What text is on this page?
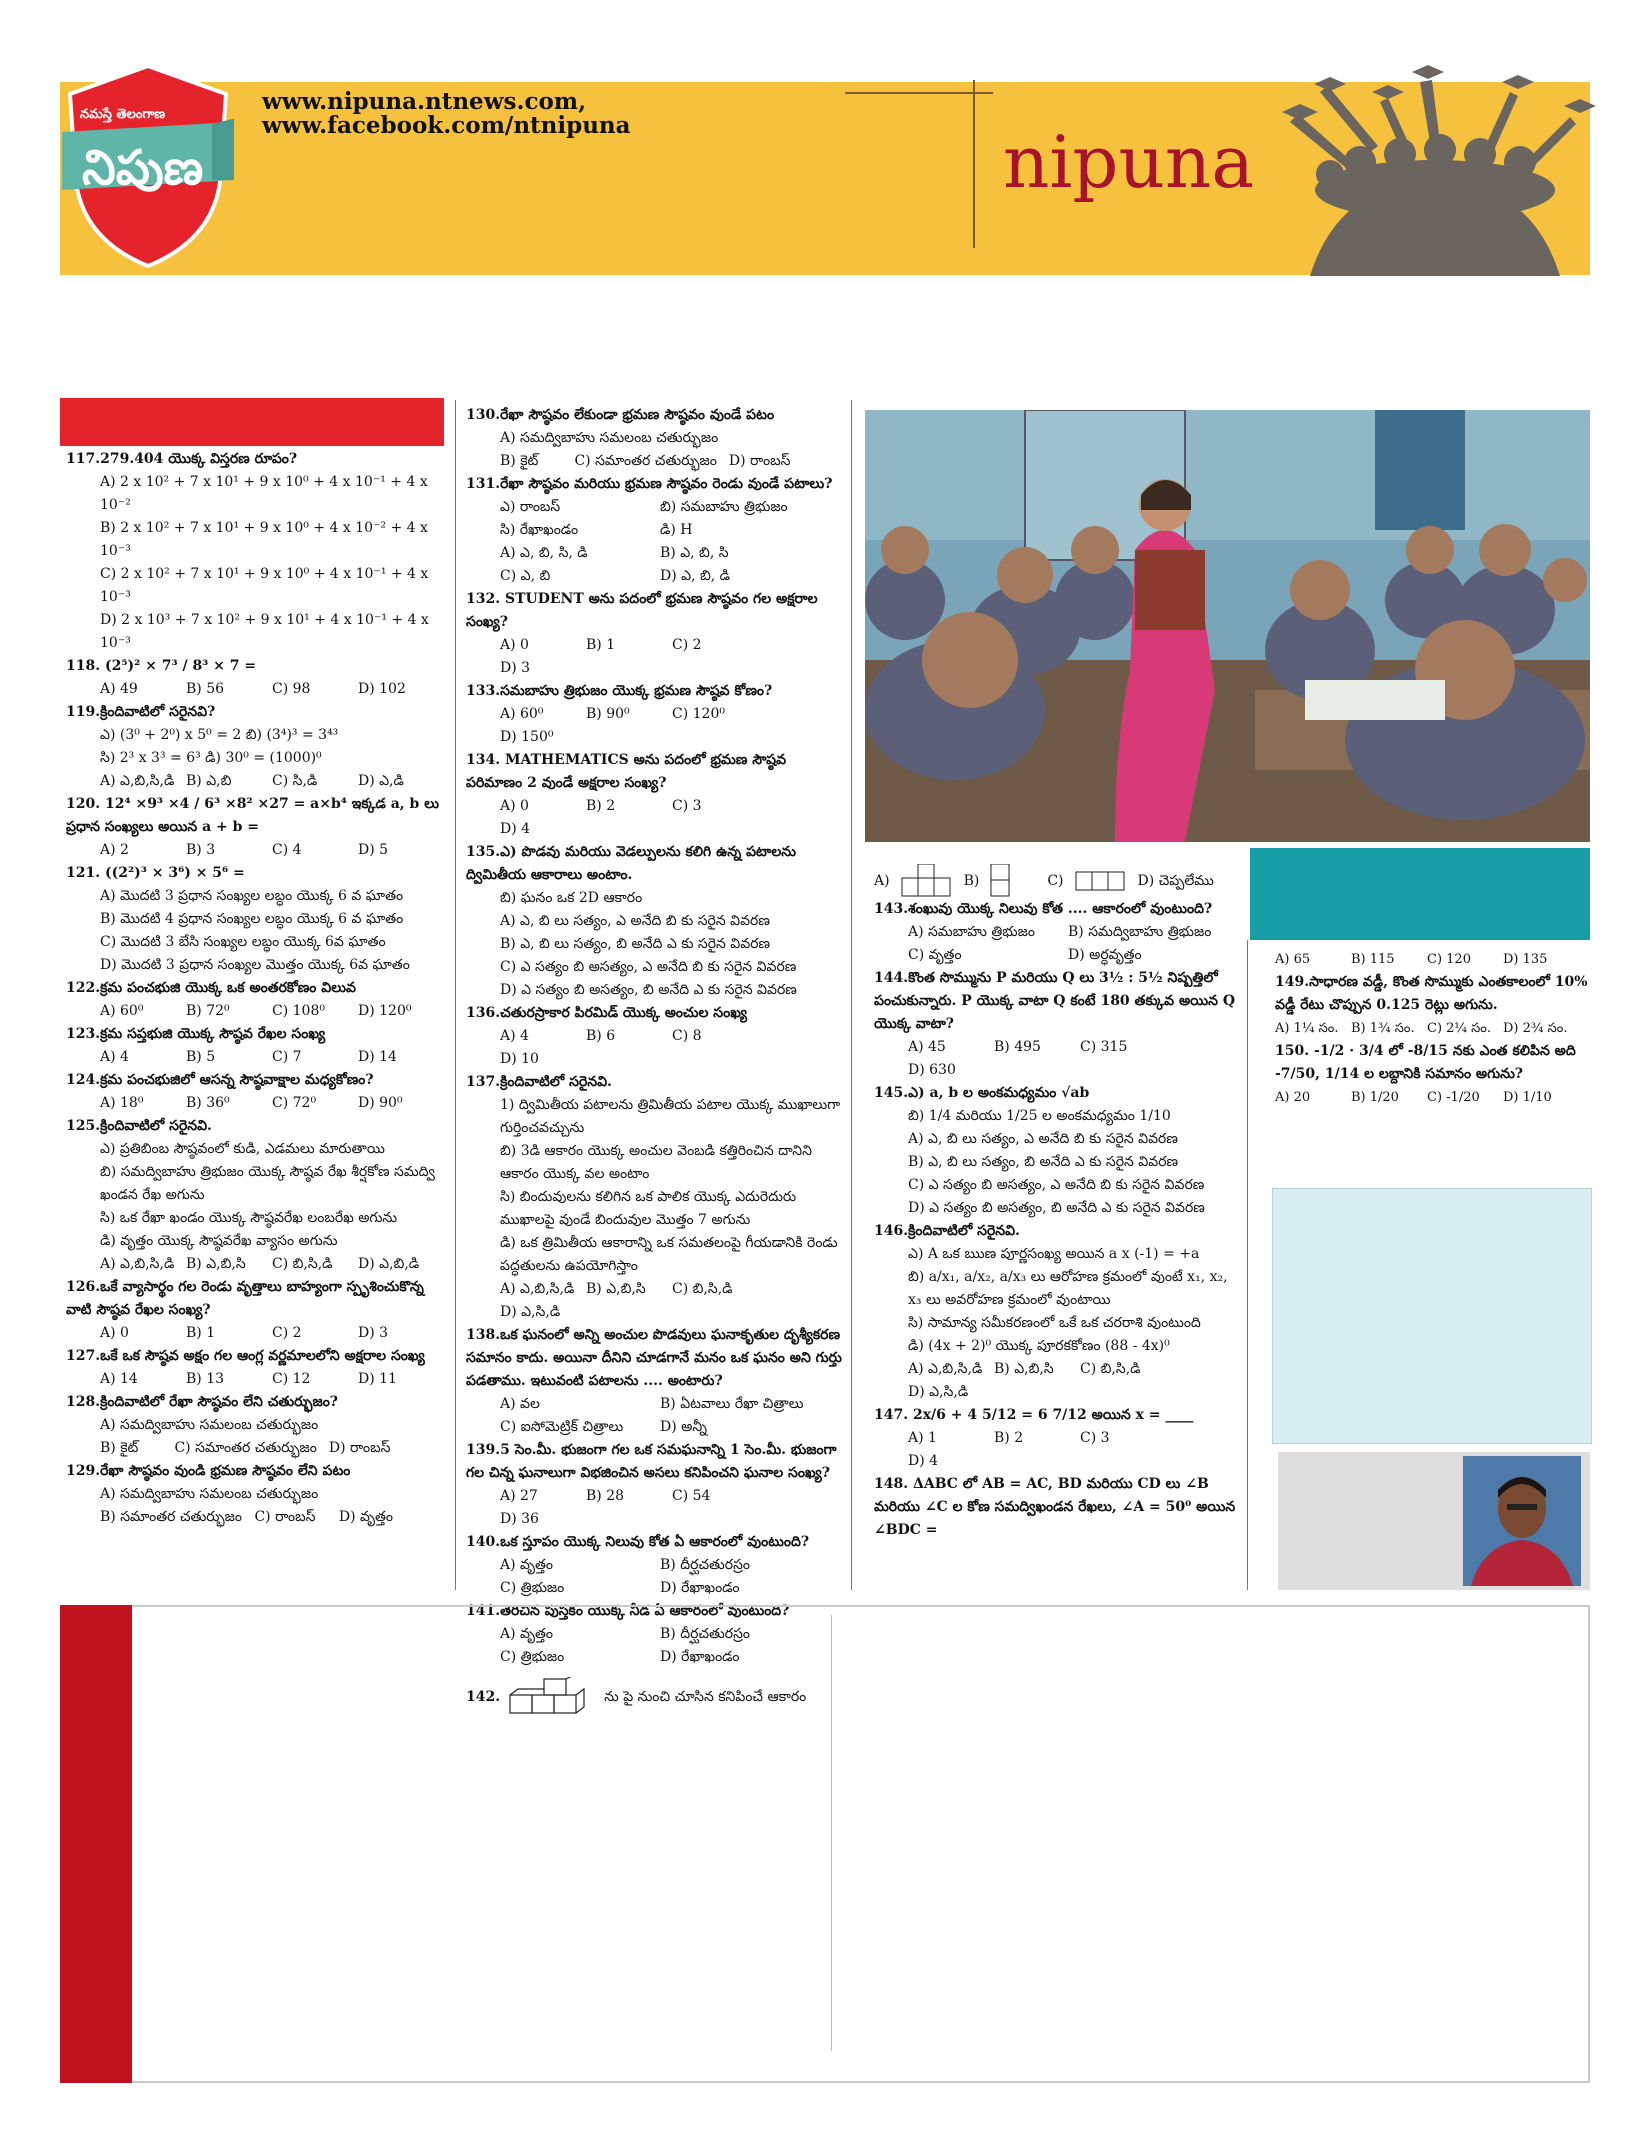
నమస్తే తెలంగాణ
నిపుణ
www.nipuna.ntnews.com,
www.facebook.com/ntnipuna	nipuna
117.279.404 యొక్క విస్తరణ రూపం?
A) 2 x 10² + 7 x 10¹ + 9 x 10⁰ + 4 x 10⁻¹ + 4 x 10⁻²
B) 2 x 10² + 7 x 10¹ + 9 x 10⁰ + 4 x 10⁻² + 4 x 10⁻³
C) 2 x 10² + 7 x 10¹ + 9 x 10⁰ + 4 x 10⁻¹ + 4 x 10⁻³
D) 2 x 10³ + 7 x 10² + 9 x 10¹ + 4 x 10⁻¹ + 4 x 10⁻³
118. (2⁵)² × 7³ / 8³ × 7 =
A) 49	B) 56	C) 98	D) 102
119.క్రిందివాటిలో సరైనవి?
ఎ) (3⁰ + 2⁰) x 5⁰ = 2 బి) (3⁴)³ = 3⁴³
సి) 2³ x 3³ = 6³ డి) 30⁰ = (1000)⁰
A) ఎ,బి,సి,డి B) ఎ,బి	C) సి,డి	D) ఎ,డి
120. 12⁴ ×9³ ×4 / 6³ ×8² ×27 = a×b⁴ ఇక్కడ a, b లు ప్రధాన సంఖ్యలు అయిన a + b =
A) 2	B) 3	C) 4	D) 5
121. ((2²)³ × 3⁶) × 5⁶ =
A) మొదటి 3 ప్రధాన సంఖ్యల లబ్ధం యొక్క 6 వ ఘాతం
B) మొదటి 4 ప్రధాన సంఖ్యల లబ్ధం యొక్క 6 వ ఘాతం
C) మొదటి 3 బేసి సంఖ్యల లబ్ధం యొక్క 6వ ఘాతం
D) మొదటి 3 ప్రధాన సంఖ్యల మొత్తం యొక్క 6వ ఘాతం
122.క్రమ పంచభుజి యొక్క ఒక అంతరకోణం విలువ
A) 60⁰	B) 72⁰	C) 108⁰ D) 120⁰
123.క్రమ సప్తభుజి యొక్క సౌష్ఠవ రేఖల సంఖ్య
A) 4	B) 5	C) 7	D) 14
124.క్రమ పంచభుజిలో ఆసన్న సౌష్ఠవాక్షాల మధ్యకోణం?
A) 18⁰	B) 36⁰	C) 72⁰	D) 90⁰
125.క్రిందివాటిలో సరైనవి.
ఎ) ప్రతిబింబ సౌష్ఠవంలో కుడి, ఎడమలు మారుతాయి
బి) సమద్విబాహు త్రిభుజం యొక్క సౌష్ఠవ రేఖ శీర్షకోణ సమద్వి ఖండన రేఖ అగును
సి) ఒక రేఖా ఖండం యొక్క సౌష్ఠవరేఖ లంబరేఖ అగును
డి) వృత్తం యొక్క సౌష్ఠవరేఖ వ్యాసం అగును
A) ఎ,బి,సి,డి B) ఎ,బి,సి C) బి,సి,డి D) ఎ,బి,డి
126.ఒకే వ్యాసార్థం గల రెండు వృత్తాలు బాహ్యంగా స్పృశించుకొన్న వాటి సౌష్ఠవ రేఖల సంఖ్య?
A) 0	B) 1	C) 2	D) 3
127.ఒకే ఒక సౌష్ఠవ అక్షం గల ఆంగ్ల వర్ణమాలలోని అక్షరాల సంఖ్య
A) 14	B) 13	C) 12	D) 11
128.క్రిందివాటిలో రేఖా సౌష్ఠవం లేని చతుర్భుజం?
A) సమద్విబాహు సమలంబ చతుర్భుజం
B) కైట్	C) సమాంతర చతుర్భుజం D) రాంబస్
129.రేఖా సౌష్ఠవం వుండి భ్రమణ సౌష్ఠవం లేని పటం
A) సమద్విబాహు సమలంబ చతుర్భుజం
B) సమాంతర చతుర్భుజం C) రాంబస్ D) వృత్తం
130.రేఖా సౌష్ఠవం లేకుండా భ్రమణ సౌష్ఠవం వుండే పటం
A) సమద్విబాహు సమలంబ చతుర్భుజం
B) కైట్	C) సమాంతర చతుర్భుజం D) రాంబస్
131.రేఖా సౌష్ఠవం మరియు భ్రమణ సౌష్ఠవం రెండు వుండే పటాలు?
ఎ) రాంబస్	బి) సమబాహు త్రిభుజం
సి) రేఖాఖండం	డి) H
A) ఎ, బి, సి, డి	B) ఎ, బి, సి
C) ఎ, బి	D) ఎ, బి, డి
132. STUDENT అను పదంలో భ్రమణ సౌష్ఠవం గల అక్షరాల సంఖ్య?
A) 0	B) 1	C) 2D) 3
133.సమబాహు త్రిభుజం యొక్క భ్రమణ సౌష్ఠవ కోణం?
A) 60⁰	B) 90⁰	C) 120⁰D) 150⁰
134. MATHEMATICS అను పదంలో భ్రమణ సౌష్ఠవ పరిమాణం 2 వుండే అక్షరాల సంఖ్య?
A) 0	B) 2	C) 3D) 4
135.ఎ) పొడవు మరియు వెడల్పులను కలిగి ఉన్న పటాలను ద్విమితీయ ఆకారాలు అంటాం.
బి) ఘనం ఒక 2D ఆకారం
A) ఎ, బి లు సత్యం, ఎ అనేది బి కు సరైన వివరణ
B) ఎ, బి లు సత్యం, బి అనేది ఎ కు సరైన వివరణ
C) ఎ సత్యం బి అసత్యం, ఎ అనేది బి కు సరైన వివరణ
D) ఎ సత్యం బి అసత్యం, బి అనేది ఎ కు సరైన వివరణ
136.చతురస్రాకార పిరమిడ్ యొక్క అంచుల సంఖ్య
A) 4	B) 6	C) 8D) 10
137.క్రిందివాటిలో సరైనవి.
1) ద్విమితీయ పటాలను త్రిమితీయ పటాల యొక్క ముఖాలుగా గుర్తించవచ్చును
బి) 3డి ఆకారం యొక్క అంచుల వెంబడి కత్తిరించిన దానిని ఆకారం యొక్క వల అంటాం
సి) బిందువులను కలిగిన ఒక పాలిక యొక్క ఎదురెదురు ముఖాలపై వుండే బిందువుల మొత్తం 7 అగును
డి) ఒక త్రిమితీయ ఆకారాన్ని ఒక సమతలంపై గీయడానికి రెండు పద్ధతులను ఉపయోగిస్తాం
A) ఎ,బి,సి,డి B) ఎ,బి,సి C) బి,సి,డిD) ఎ,సి,డి
138.ఒక ఘనంలో అన్ని అంచుల పొడవులు ఘనాకృతుల దృశ్యీకరణ సమానం కాదు. అయినా దీనిని చూడగానే మనం ఒక ఘనం అని గుర్తు పడతాము. ఇటువంటి పటాలను .... అంటారు?
A) వల	B) ఏటవాలు రేఖా చిత్రాలు
C) ఐసోమెట్రిక్ చిత్రాలు	D) అన్నీ
139.5 సెం.మీ. భుజంగా గల ఒక సమఘనాన్ని 1 సెం.మీ. భుజంగా గల చిన్న ఘనాలుగా విభజించిన అసలు కనిపించని ఘనాల సంఖ్య?
A) 27	B) 28	C) 54D) 36
140.ఒక స్తూపం యొక్క నిలువు కోత ఏ ఆకారంలో వుంటుంది?
A) వృత్తం	B) దీర్ఘచతురస్రం
C) త్రిభుజం	D) రేఖాఖండం
141.తెరిచిన పుస్తకం యొక్క నీడ ఏ ఆకారంలో వుంటుంది?
A) వృత్తం	B) దీర్ఘచతురస్రం
C) త్రిభుజం	D) రేఖాఖండం
142.	ను పై నుంచి చూసిన కనిపించే ఆకారం
A)	B)	C)	D) చెప్పలేము
143.శంఖువు యొక్క నిలువు కోత .... ఆకారంలో వుంటుంది?
A) సమబాహు త్రిభుజం B) సమద్విబాహు త్రిభుజం
C) వృత్తం	D) అర్ధవృత్తం
144.కొంత సొమ్మును P మరియు Q లు 3½ : 5½ నిష్పత్తిలో పంచుకున్నారు. P యొక్క వాటా Q కంటే 180 తక్కువ అయిన Q యొక్క వాటా?
A) 45	B) 495	C) 315D) 630
145.ఎ) a, b ల అంకమధ్యమం √ab
బి) 1/4 మరియు 1/25 ల అంకమధ్యమం 1/10
A) ఎ, బి లు సత్యం, ఎ అనేది బి కు సరైన వివరణ
B) ఎ, బి లు సత్యం, బి అనేది ఎ కు సరైన వివరణ
C) ఎ సత్యం బి అసత్యం, ఎ అనేది బి కు సరైన వివరణ
D) ఎ సత్యం బి అసత్యం, బి అనేది ఎ కు సరైన వివరణ
146.క్రిందివాటిలో సరైనవి.
ఎ) A ఒక ఋణ పూర్ణసంఖ్య అయిన a x (-1) = +a
బి) a/x₁, a/x₂, a/x₃ లు ఆరోహణ క్రమంలో వుంటే x₁, x₂, x₃ లు అవరోహణ క్రమంలో వుంటాయి
సి) సామాన్య సమీకరణంలో ఒకే ఒక చరరాశి వుంటుంది
డి) (4x + 2)⁰ యొక్క పూరకకోణం (88 - 4x)⁰
A) ఎ,బి,సి,డి B) ఎ,బి,సి C) బి,సి,డిD) ఎ,సి,డి
147. 2x/6 + 4 5/12 = 6 7/12 అయిన x = ____
A) 1	B) 2	C) 3D) 4
148. ΔABC లో AB = AC, BD మరియు CD లు ∠B మరియు ∠C ల కోణ సమద్విఖండన రేఖలు, ∠A = 50⁰ అయిన ∠BDC =
A) 65	B) 115 C) 120 D) 135
149.సాధారణ వడ్డీ, కొంత సొమ్ముకు ఎంతకాలంలో 10% వడ్డీ రేటు చొప్పున 0.125 రెట్లు అగును.
A) 1¼ సం. B) 1¾ సం. C) 2¼ సం. D) 2¾ సం.
150. -1/2 · 3/4 లో -8/15 నకు ఎంత కలిపిన అది -7/50, 1/14 ల లబ్దానికి సమానం అగును?
A) 20	B) 1/20 C) -1/20 D) 1/10
